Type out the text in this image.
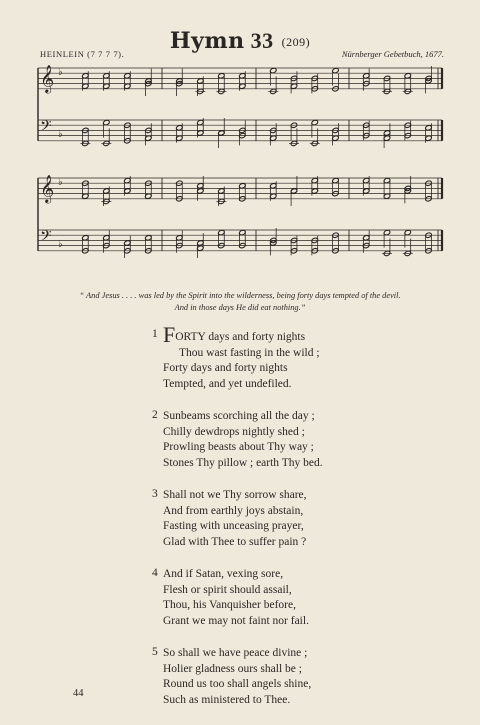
Hymn 33 (209)
HEINLEIN (7 7 7 7).	Nürnberger Gebetbuch, 1677.
𝄞 ♭
𝄢 ♭
𝄞 ♭
𝄢 ♭
“ And Jesus . . . . was led by the Spirit into the wilderness, being forty days tempted of the devil.
And in those days He did eat nothing.”
1 FORTY days and forty nights
Thou wast fasting in the wild ;
Forty days and forty nights
Tempted, and yet undefiled.
2 Sunbeams scorching all the day ;
Chilly dewdrops nightly shed ;
Prowling beasts about Thy way ;
Stones Thy pillow ; earth Thy bed.
3 Shall not we Thy sorrow share,
And from earthly joys abstain,
Fasting with unceasing prayer,
Glad with Thee to suffer pain ?
4 And if Satan, vexing sore,
Flesh or spirit should assail,
Thou, his Vanquisher before,
Grant we may not faint nor fail.
5 So shall we have peace divine ;
Holier gladness ours shall be ;
Round us too shall angels shine,
Such as ministered to Thee.
44
